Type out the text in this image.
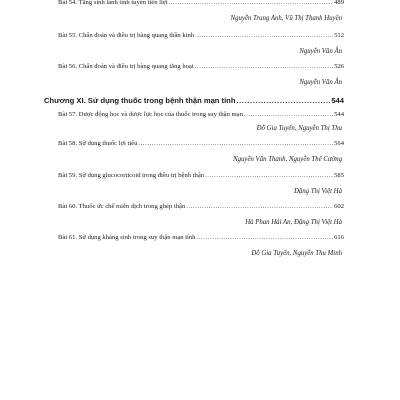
Bài 54. Tăng sinh lành tính tuyến tiền liệt .....	489
Nguyễn Trung Anh, Vũ Thị Thanh Huyền
Bài 55. Chẩn đoán và điều trị bàng quang thần kinh .....	512
Nguyễn Văn Ân
Bài 56. Chẩn đoán và điều trị bàng quang tăng hoạt .....	526
Nguyễn Văn Ân
Chương XI. Sử dụng thuốc trong bệnh thận mạn tính .....	544
Bài 57. Dược động học và dược lực học của thuốc trong suy thận mạn .....	544
Đỗ Gia Tuyến, Nguyễn Thị Thu
Bài 58. Sử dụng thuốc lợi tiểu .....	564
Nguyễn Văn Thanh, Nguyễn Thế Cường
Bài 59. Sử dụng glucocorticoid trong điều trị bệnh thận .....	585
Đặng Thị Việt Hà
Bài 60. Thuốc ức chế miễn dịch trong ghép thận .....	602
Hà Phan Hải An, Đặng Thị Việt Hà
Bài 61. Sử dụng kháng sinh trong suy thận mạn tính .....	616
Đỗ Gia Tuyến, Nguyễn Thu Minh
